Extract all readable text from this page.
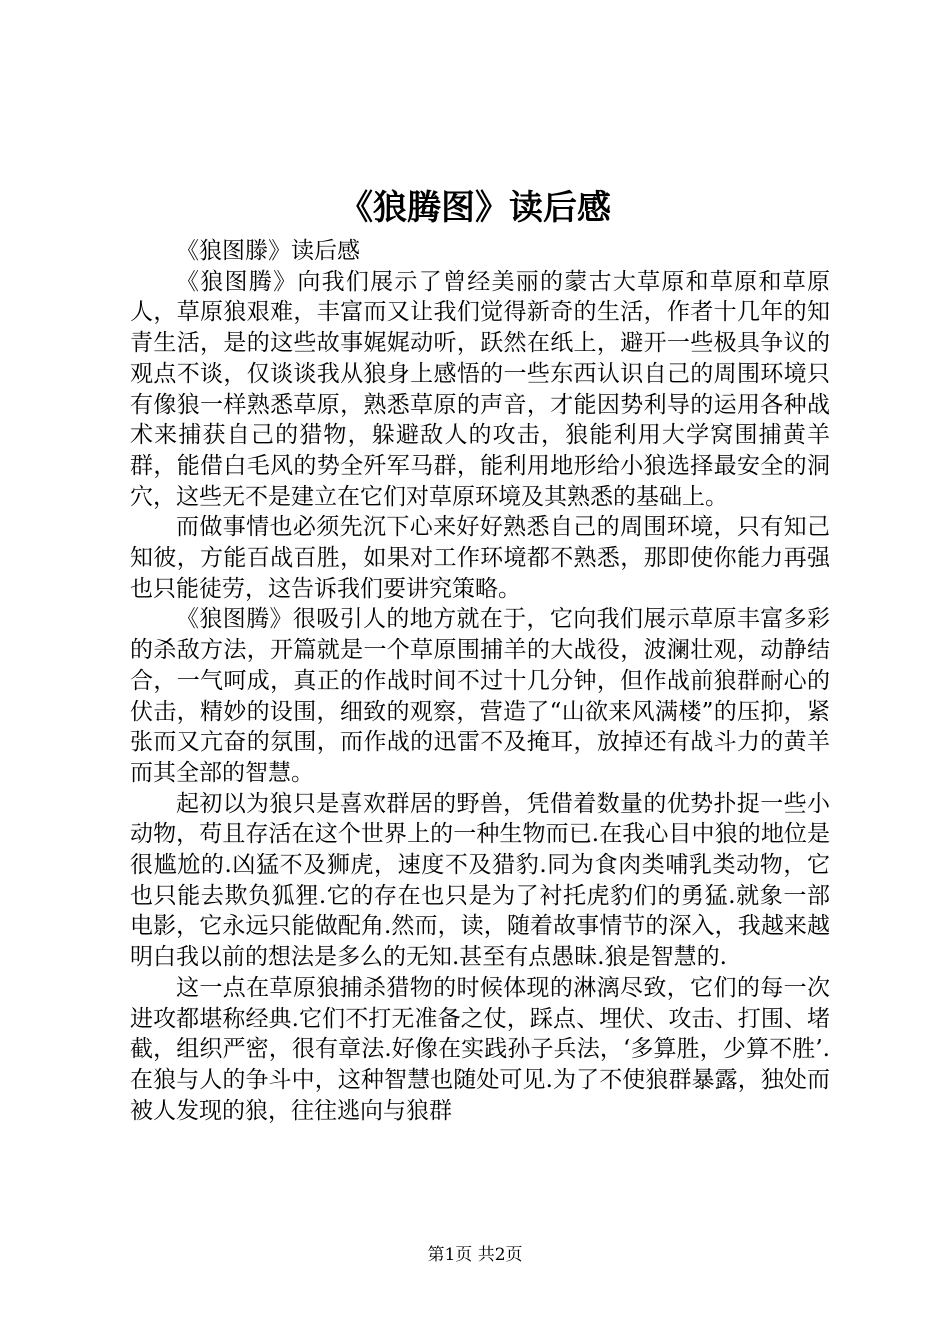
《狼腾图》读后感

《狼图滕》读后感

《狼图腾》向我们展示了曾经美丽的蒙古大草原和草原和草原人，草原狼艰难，丰富而又让我们觉得新奇的生活，作者十几年的知青生活，是的这些故事娓娓动听，跃然在纸上，避开一些极具争议的观点不谈，仅谈谈我从狼身上感悟的一些东西认识自己的周围环境只有像狼一样熟悉草原，熟悉草原的声音，才能因势利导的运用各种战术来捕获自己的猎物，躲避敌人的攻击，狼能利用大学窝围捕黄羊群，能借白毛风的势全歼军马群，能利用地形给小狼选择最安全的洞穴，这些无不是建立在它们对草原环境及其熟悉的基础上。

而做事情也必须先沉下心来好好熟悉自己的周围环境，只有知己知彼，方能百战百胜，如果对工作环境都不熟悉，那即使你能力再强也只能徒劳，这告诉我们要讲究策略。

《狼图腾》很吸引人的地方就在于，它向我们展示草原丰富多彩的杀敌方法，开篇就是一个草原围捕羊的大战役，波澜壮观，动静结合，一气呵成，真正的作战时间不过十几分钟，但作战前狼群耐心的伏击，精妙的设围，细致的观察，营造了“山欲来风满楼”的压抑，紧张而又亢奋的氛围，而作战的迅雷不及掩耳，放掉还有战斗力的黄羊而其全部的智慧。

起初以为狼只是喜欢群居的野兽，凭借着数量的优势扑捉一些小动物，苟且存活在这个世界上的一种生物而已.在我心目中狼的地位是很尴尬的.凶猛不及狮虎，速度不及猎豹.同为食肉类哺乳类动物，它也只能去欺负狐狸.它的存在也只是为了衬托虎豹们的勇猛.就象一部电影，它永远只能做配角.然而，读，随着故事情节的深入，我越来越明白我以前的想法是多么的无知.甚至有点愚昧.狼是智慧的.

这一点在草原狼捕杀猎物的时候体现的淋漓尽致，它们的每一次进攻都堪称经典.它们不打无准备之仗，踩点、埋伏、攻击、打围、堵截，组织严密，很有章法.好像在实践孙子兵法，‘多算胜，少算不胜’.在狼与人的争斗中，这种智慧也随处可见.为了不使狼群暴露，独处而被人发现的狼，往往逃向与狼群

第1页 共2页
